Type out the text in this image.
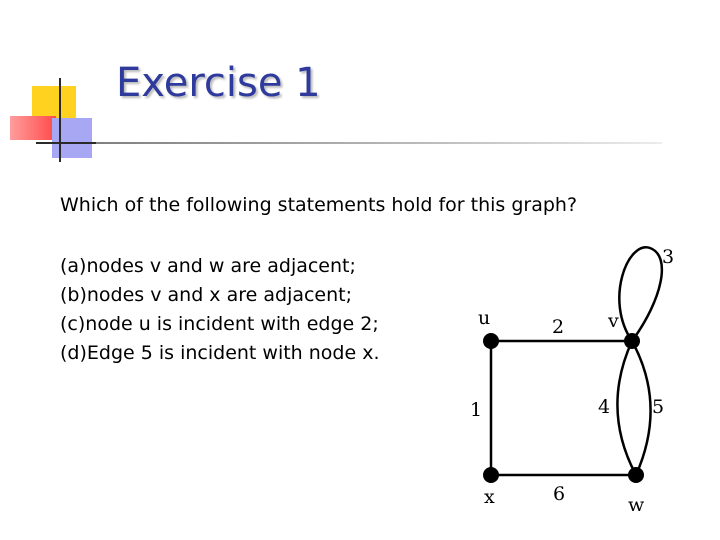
Exercise 1

Which of the following statements hold for this graph?

(a)nodes v and w are adjacent;
(b)nodes v and x are adjacent;
(c)node u is incident with edge 2;
(d)Edge 5 is incident with node x.
u	v
w
x
1
2
3
4 5
6
